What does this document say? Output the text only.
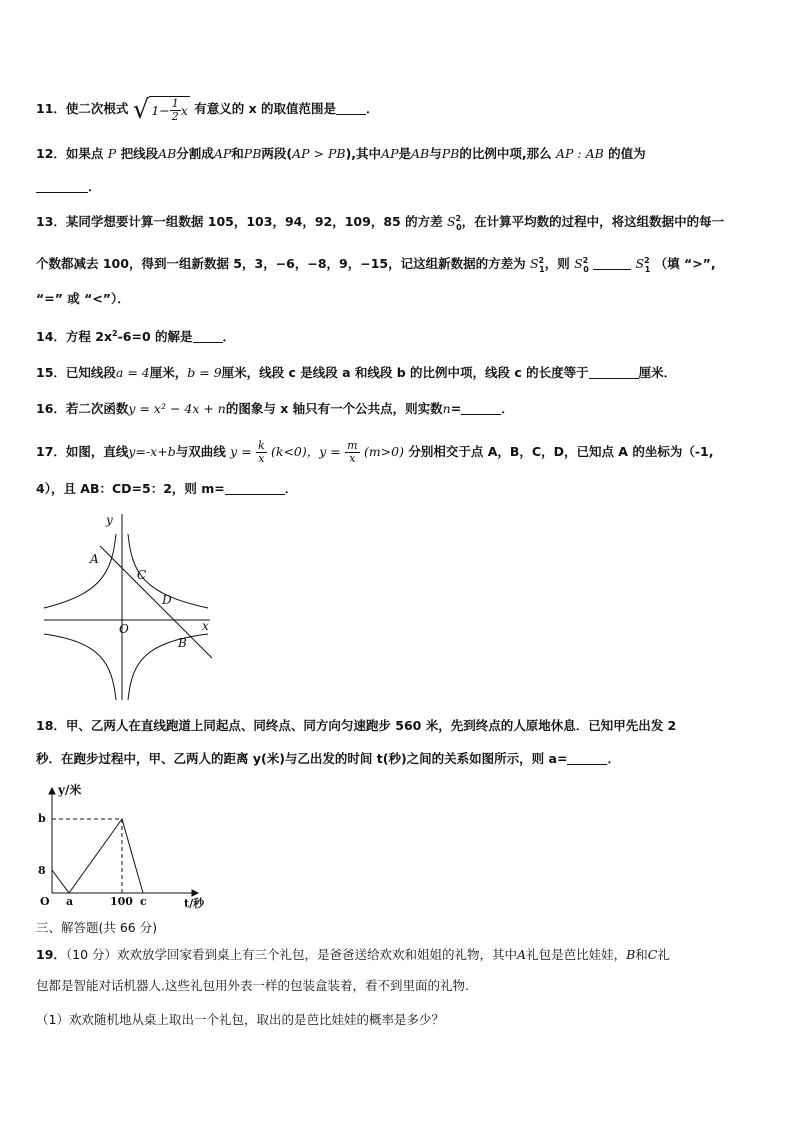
11．使二次根式 √ $1- \frac{1}{2}$ x 有意义的 x 的取值范围是 ．
12．如果点 P 把线段AB分割成AP和PB两段(AP > PB),其中AP是AB与PB的比例中项,那么 AP : AB 的值为
．
13．某同学想要计算一组数据 105，103，94，92，109，85 的方差 $S^2_0$，在计算平均数的过程中，将这组数据中的每一
个数都减去 100，得到一组新数据 5，3，−6，−8，9，−15，记这组新数据的方差为 $S^2_1$，则 $S^2_0$	$S^2_1$ （填 “>”,
“=” 或 “<”）．
14．方程 $2x^2-6=0$ 的解是 ．
15．已知线段a = 4厘米，b = 9厘米，线段 c 是线段 a 和线段 b 的比例中项，线段 c 的长度等于	厘米．
16．若二次函数y = x² − 4x + n的图象与 x 轴只有一个公共点，则实数n=	．
17．如图，直线y=-x+b与双曲线 $y = \frac{k}{x} (k<0)$，$y = \frac{m}{x} (m>0)$ 分别相交于点 A，B，C，D，已知点 A 的坐标为（-1,
4），且 AB：CD=5：2，则 m=	．
y
x
O
A
C
D
B
18．甲、乙两人在直线跑道上同起点、同终点、同方向匀速跑步 560 米，先到终点的人原地休息．已知甲先出发 2
秒．在跑步过程中，甲、乙两人的距离 y(米)与乙出发的时间 t(秒)之间的关系如图所示，则 a=	．
y/米
b
8
O a	100 c	t/秒
三、解答题(共 66 分)
19．（10 分）欢欢放学回家看到桌上有三个礼包，是爸爸送给欢欢和姐姐的礼物，其中A礼包是芭比娃娃，B和C礼
包都是智能对话机器人.这些礼包用外表一样的包装盒装着，看不到里面的礼物.
（1）欢欢随机地从桌上取出一个礼包，取出的是芭比娃娃的概率是多少？
